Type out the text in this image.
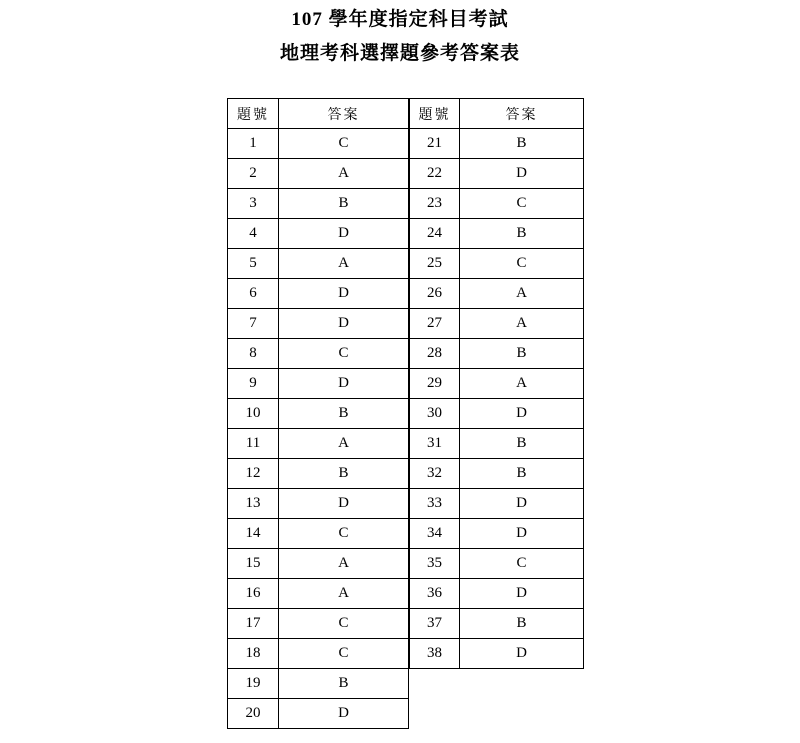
107 學年度指定科目考試
地理考科選擇題參考答案表
題號	答案
1	C
2	A
3	B
4	D
5	A
6	D
7	D
8	C
9	D
10	B
11	A
12	B
13	D
14	C
15	A
16	A
17	C
18	C
19	B
20	D
題號	答案
21	B
22	D
23	C
24	B
25	C
26	A
27	A
28	B
29	A
30	D
31	B
32	B
33	D
34	D
35	C
36	D
37	B
38	D
